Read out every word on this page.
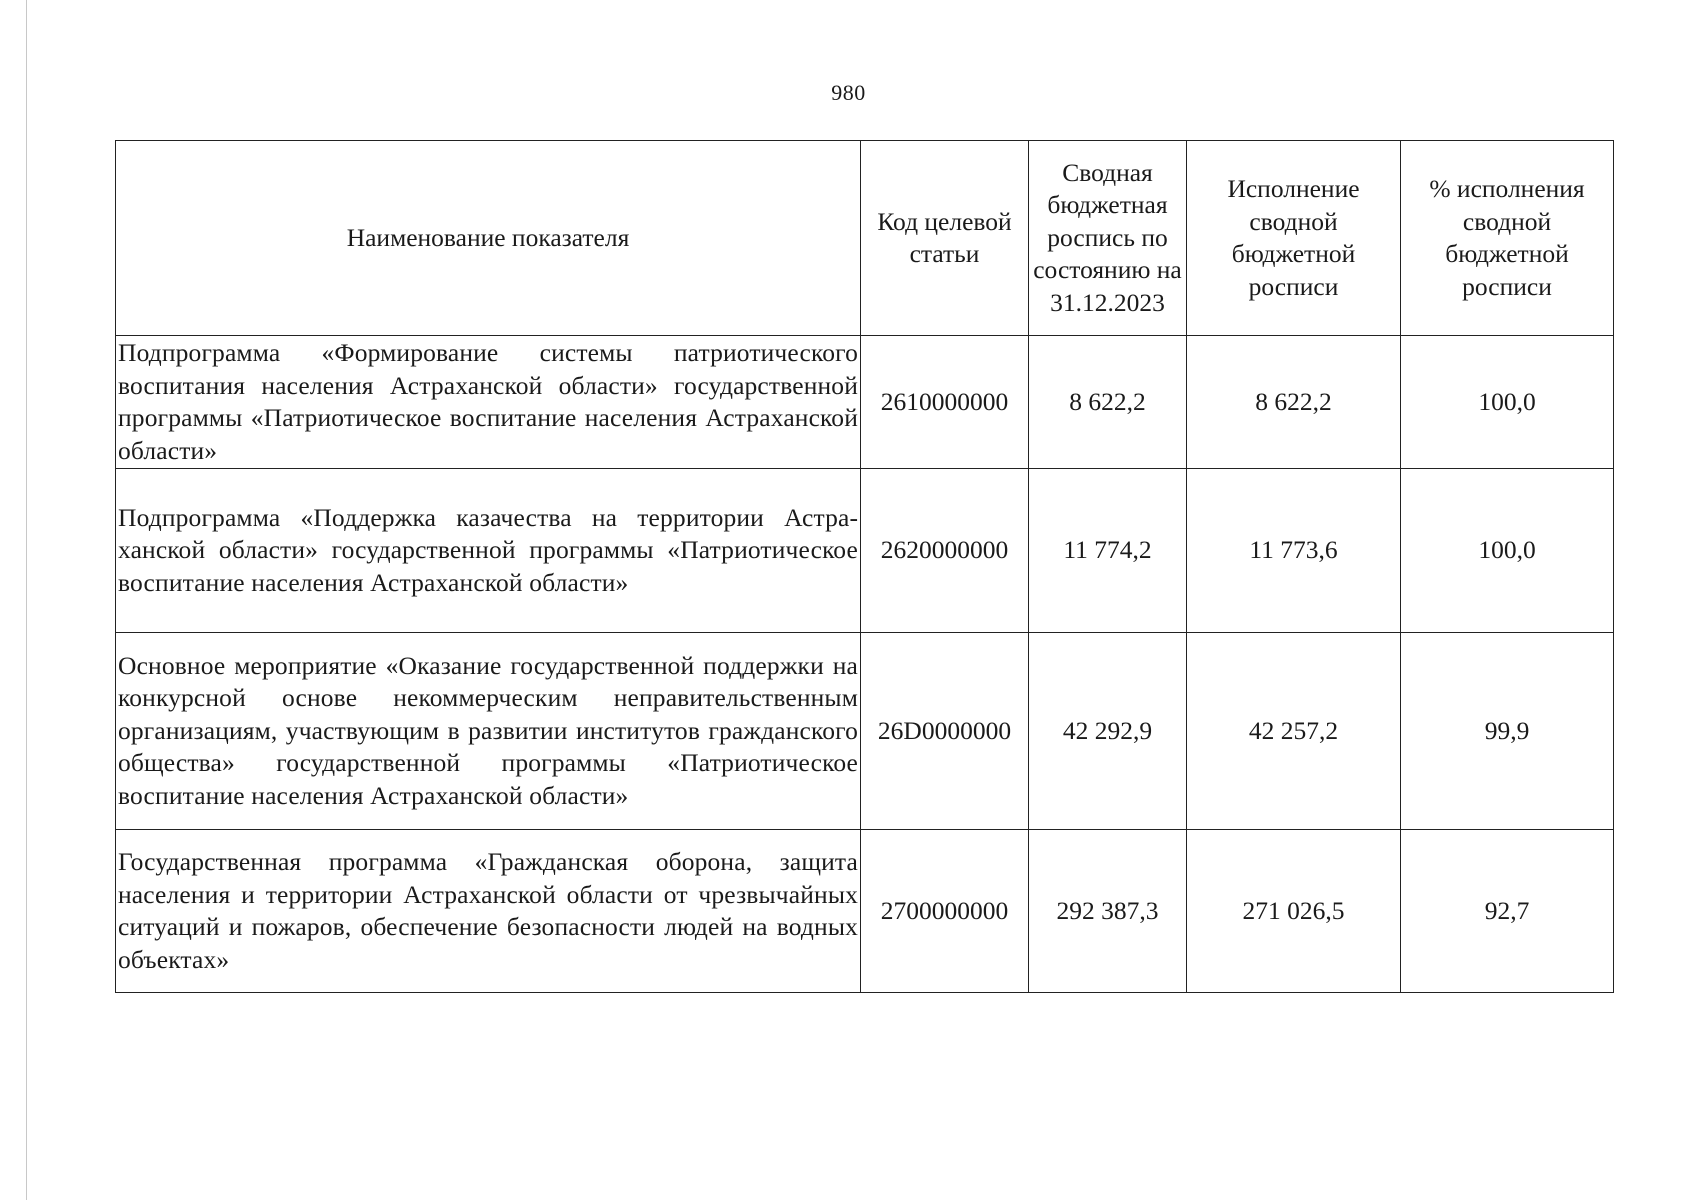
980
Наименование показателя	Код целевой статьи	Сводная бюджетная роспись по состоянию на 31.12.2023	Исполнение сводной бюджетной росписи	% исполнения сводной бюджетной росписи
Подпрограмма «Формирование системы патриотического воспитания населения Астраханской области» государственной программы «Патриотическое воспитание населения Астраханской области»	2610000000	8 622,2	8 622,2	100,0
Подпрограмма «Поддержка казачества на территории Астраханской области» государственной программы «Патриотическое воспитание населения Астраханской области»	2620000000	11 774,2	11 773,6	100,0
Основное мероприятие «Оказание государственной поддержки на конкурсной основе некоммерческим неправительственным организациям, участвующим в развитии институтов гражданского общества» государственной программы «Патриотическое воспитание населения Астраханской области»	26D0000000	42 292,9	42 257,2	99,9
Государственная программа «Гражданская оборона, защита населения и территории Астраханской области от чрезвычайных ситуаций и пожаров, обеспечение безопасности людей на водных объектах»	2700000000	292 387,3	271 026,5	92,7
